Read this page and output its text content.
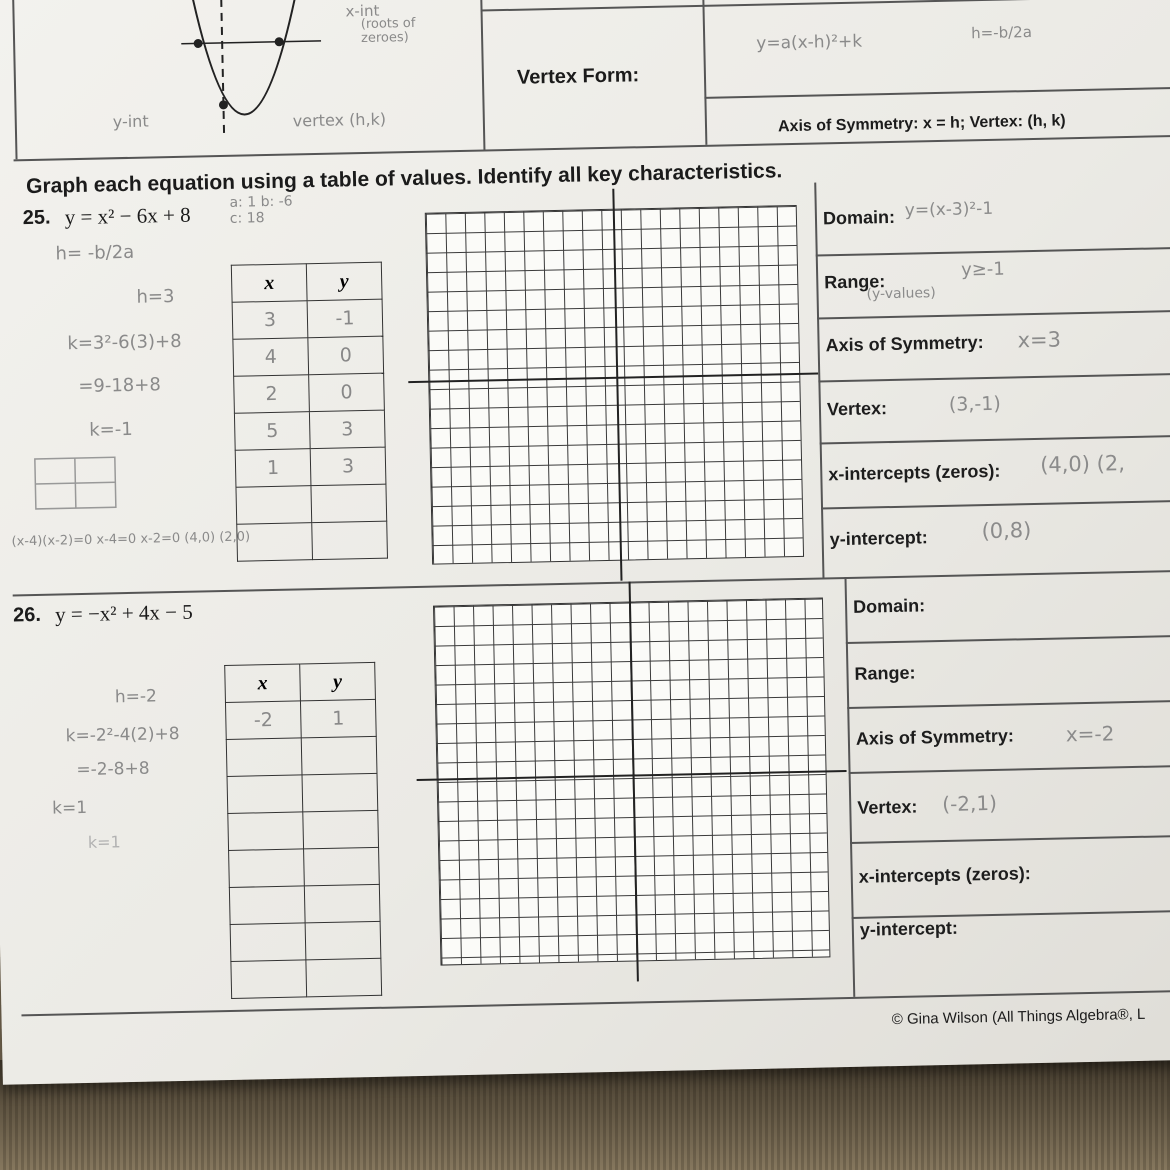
x-int
(roots of zeroes)
y-int	vertex (h,k)
Vertex Form:
y=a(x-h)²+k	h=-b/2a
Axis of Symmetry: x = h; Vertex: (h, k)
Graph each equation using a table of values. Identify all key characteristics.
25. y = x² − 6x + 8
a: 1 b: -6 c: 18
h= -b/2a
h=3
k=3²-6(3)+8
=9-18+8
k=-1
(x-4)(x-2)=0 x-4=0 x-2=0 (4,0) (2,0)
x	y
3	-1
4	0
2	0
5	3
1	3

Domain: y=(x-3)²-1
Range:
y≥-1
(y-values)
Axis of Symmetry: x=3
Vertex:	(3,-1)
x-intercepts (zeros): (4,0) (2,
y-intercept:	(0,8)
26. y = −x² + 4x − 5
h=-2
k=-2²-4(2)+8
=-2-8+8
k=1
k=1
x	y
-2	1

Domain:
Range:
Axis of Symmetry:	x=-2
Vertex: (-2,1)
x-intercepts (zeros):
y-intercept:
© Gina Wilson (All Things Algebra®, L
